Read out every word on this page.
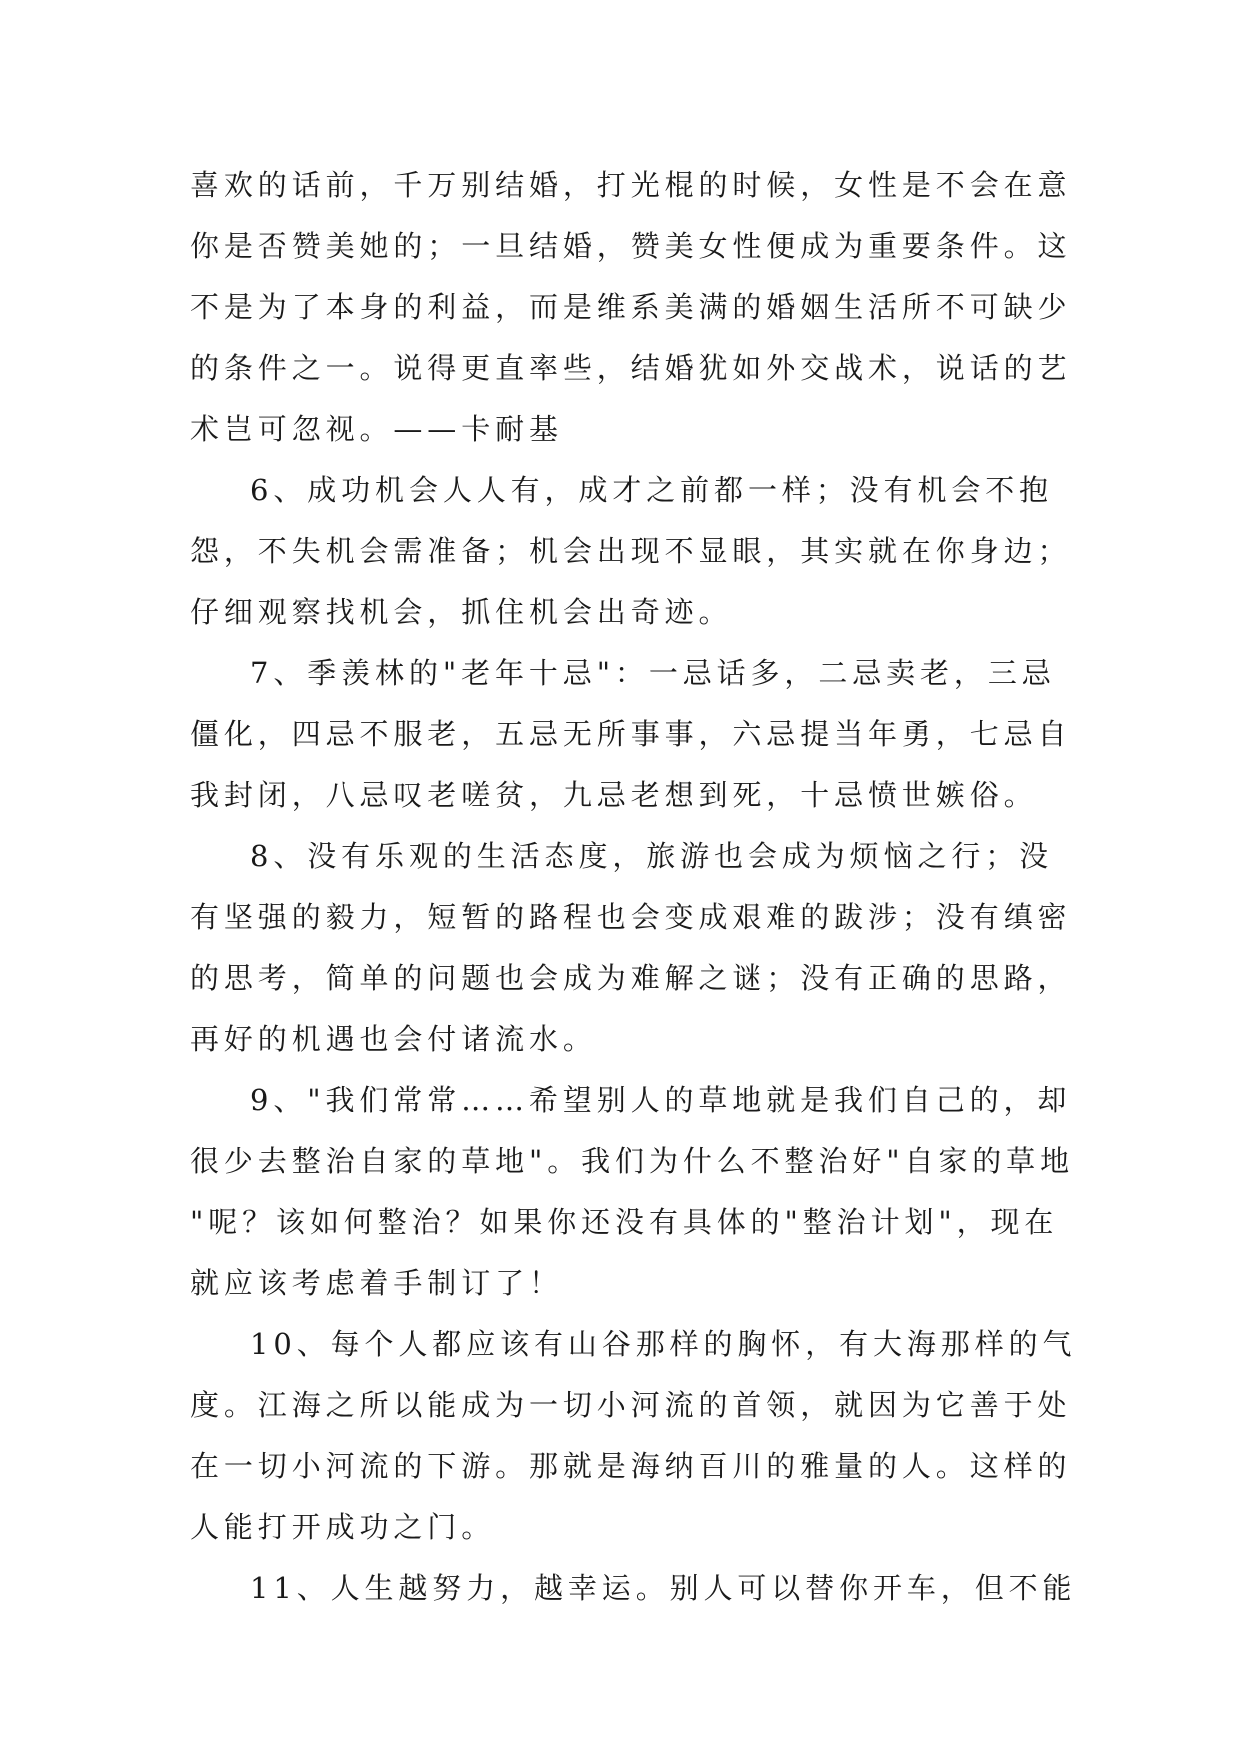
喜欢的话前，千万别结婚，打光棍的时候，女性是不会在意
你是否赞美她的；一旦结婚，赞美女性便成为重要条件。这
不是为了本身的利益，而是维系美满的婚姻生活所不可缺少
的条件之一。说得更直率些，结婚犹如外交战术，说话的艺
术岂可忽视。——卡耐基

6、成功机会人人有，成才之前都一样；没有机会不抱
怨，不失机会需准备；机会出现不显眼，其实就在你身边；
仔细观察找机会，抓住机会出奇迹。

7、季羡林的"老年十忌"：一忌话多，二忌卖老，三忌
僵化，四忌不服老，五忌无所事事，六忌提当年勇，七忌自
我封闭，八忌叹老嗟贫，九忌老想到死，十忌愤世嫉俗。

8、没有乐观的生活态度，旅游也会成为烦恼之行；没
有坚强的毅力，短暂的路程也会变成艰难的跋涉；没有缜密
的思考，简单的问题也会成为难解之谜；没有正确的思路，
再好的机遇也会付诸流水。

9、"我们常常……希望别人的草地就是我们自己的，却
很少去整治自家的草地"。我们为什么不整治好"自家的草地
"呢？该如何整治？如果你还没有具体的"整治计划"，现在
就应该考虑着手制订了！

10、每个人都应该有山谷那样的胸怀，有大海那样的气
度。江海之所以能成为一切小河流的首领，就因为它善于处
在一切小河流的下游。那就是海纳百川的雅量的人。这样的
人能打开成功之门。

11、人生越努力，越幸运。别人可以替你开车，但不能
